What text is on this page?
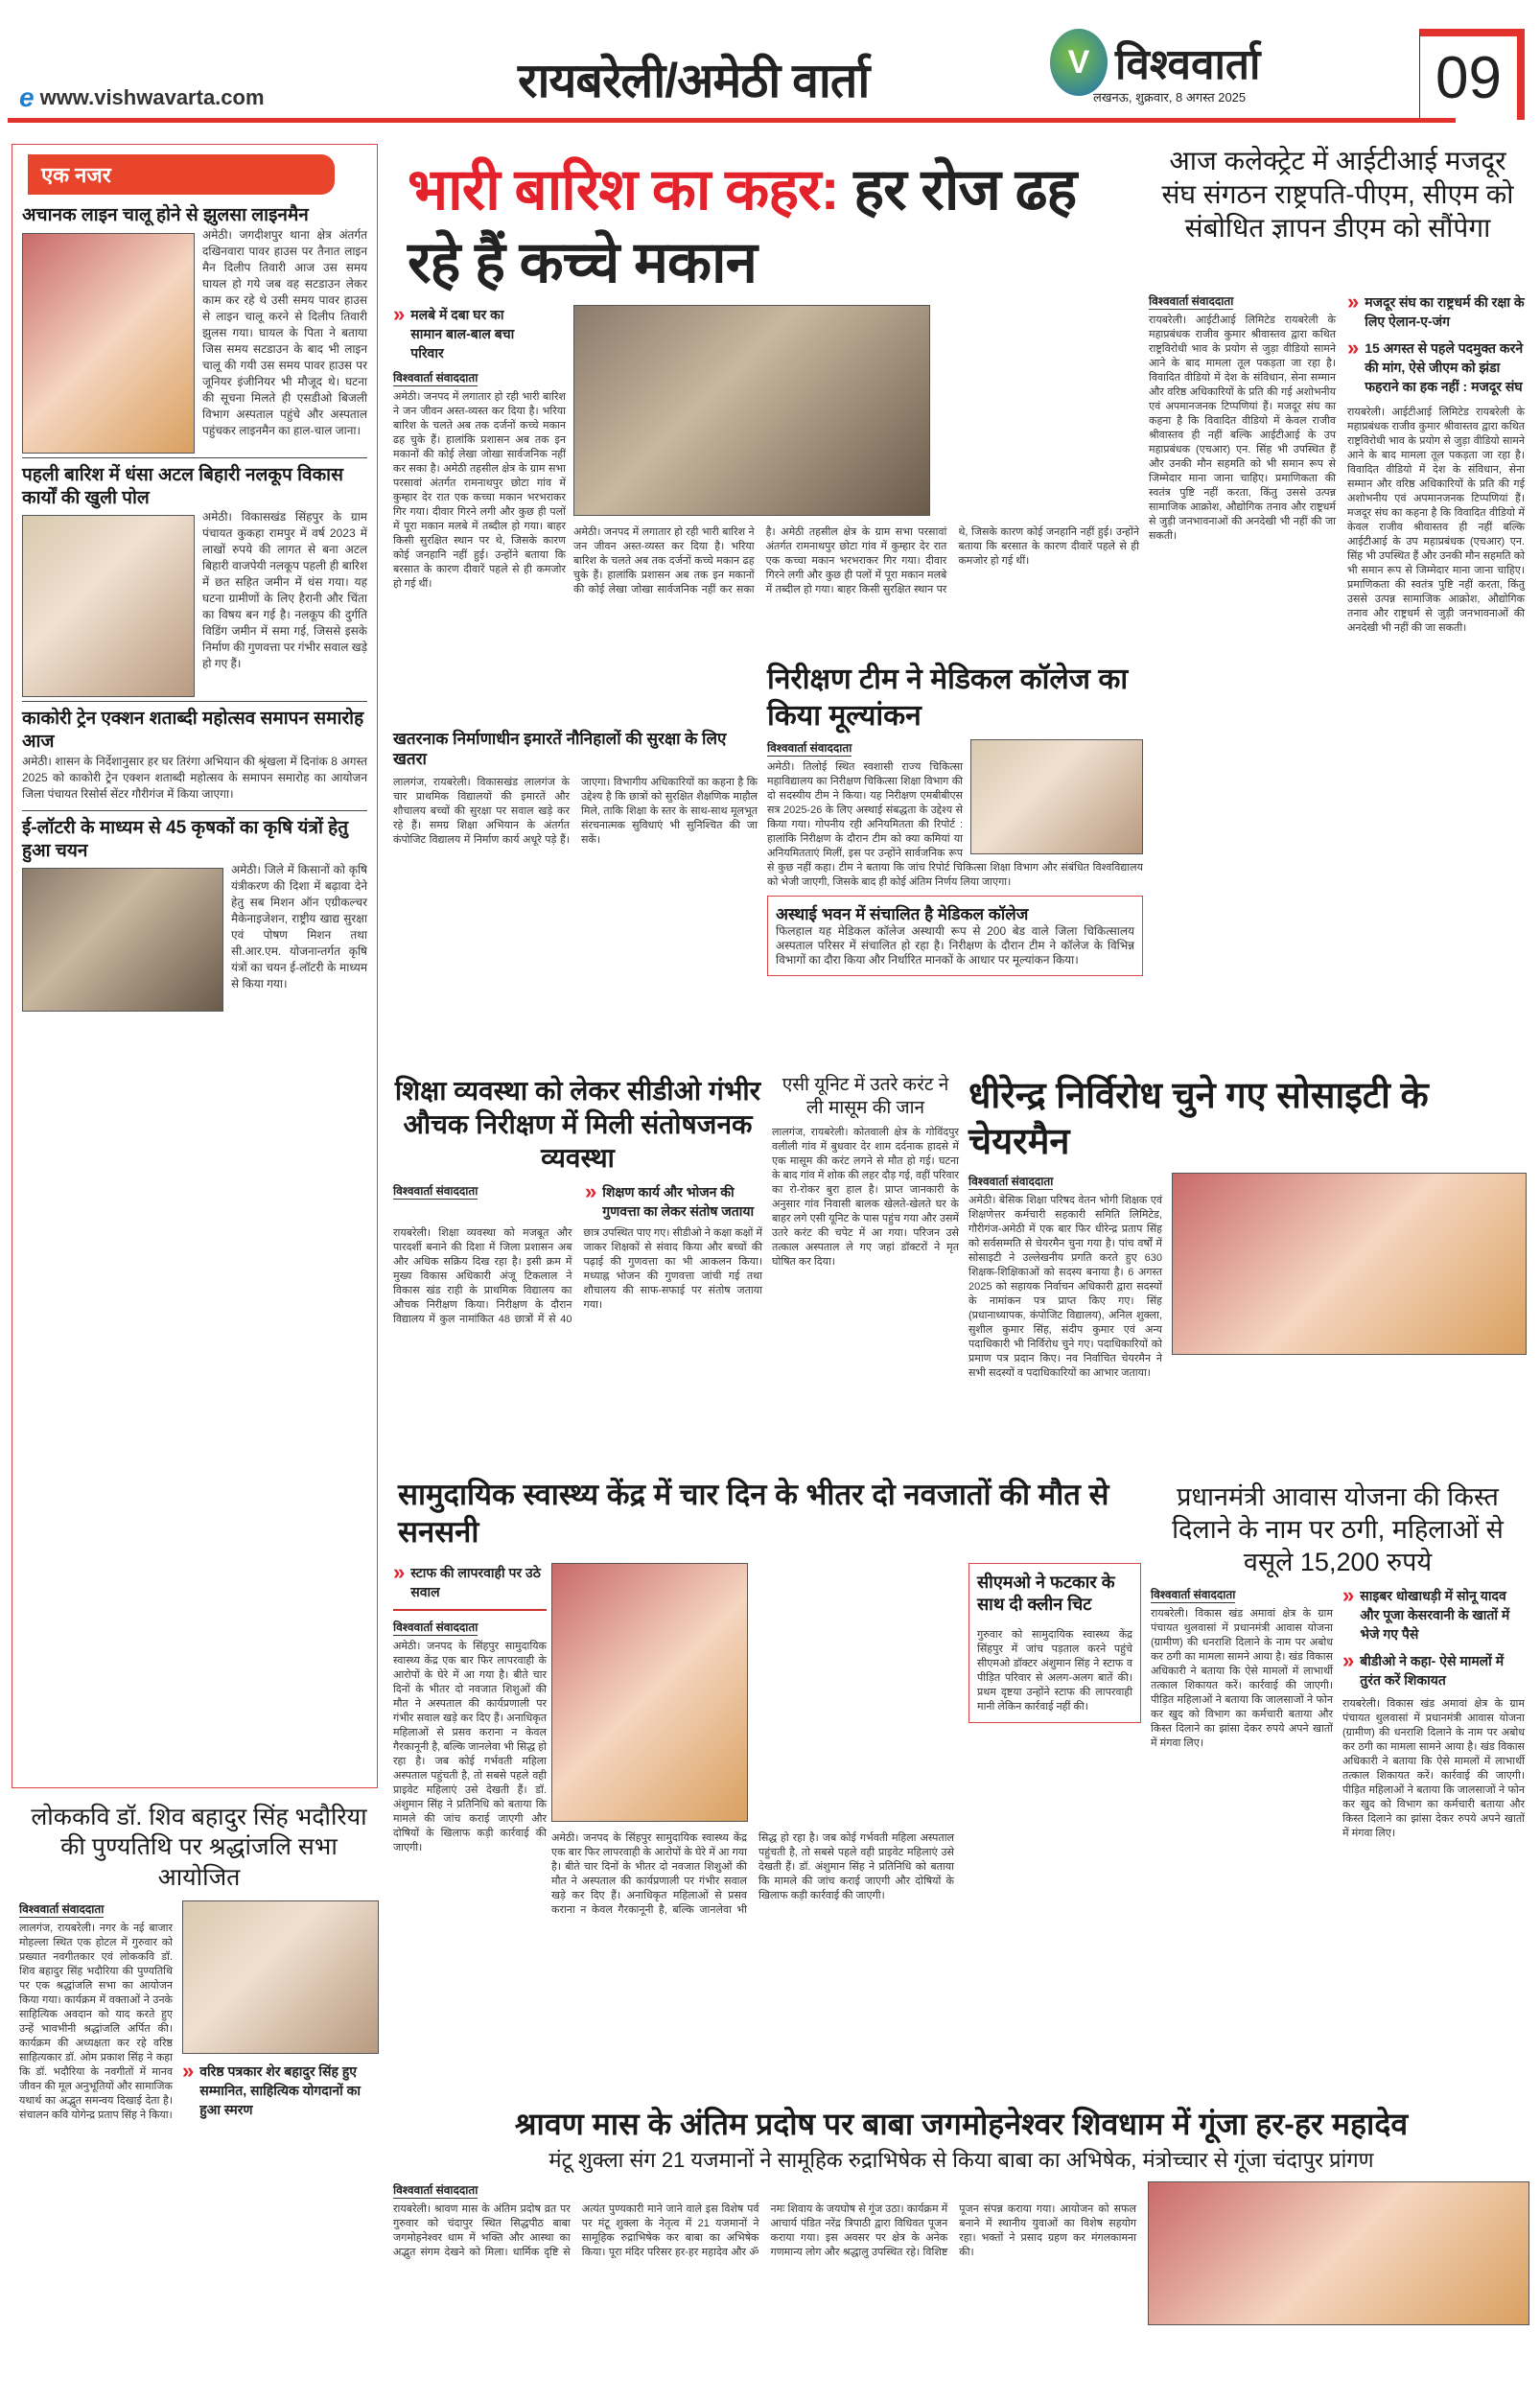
e www.vishwavarta.com	रायबरेली/अमेठी वार्ता	V विश्ववार्ता
लखनऊ, शुक्रवार, 8 अगस्त 2025	09
एक नजर
अचानक लाइन चालू होने से झुलसा लाइनमैन
अमेठी। जगदीशपुर थाना क्षेत्र अंतर्गत दखिनवारा पावर हाउस पर तैनात लाइन मैन दिलीप तिवारी आज उस समय घायल हो गये जब वह सटडाउन लेकर काम कर रहे थे उसी समय पावर हाउस से लाइन चालू करने से दिलीप तिवारी झुलस गया। घायल के पिता ने बताया जिस समय सटडाउन के बाद भी लाइन चालू की गयी उस समय पावर हाउस पर जूनियर इंजीनियर भी मौजूद थे। घटना की सूचना मिलते ही एसडीओ बिजली विभाग अस्पताल पहुंचे और अस्पताल पहुंचकर लाइनमैन का हाल-चाल जाना।
पहली बारिश में धंसा अटल बिहारी नलकूप विकास कार्यों की खुली पोल
अमेठी। विकासखंड सिंहपुर के ग्राम पंचायत कुकहा रामपुर में वर्ष 2023 में लाखों रुपये की लागत से बना अटल बिहारी वाजपेयी नलकूप पहली ही बारिश में छत सहित जमीन में धंस गया। यह घटना ग्रामीणों के लिए हैरानी और चिंता का विषय बन गई है। नलकूप की दुर्गति विडिंग जमीन में समा गई, जिससे इसके निर्माण की गुणवत्ता पर गंभीर सवाल खड़े हो गए हैं।
काकोरी ट्रेन एक्शन शताब्दी महोत्सव समापन समारोह आज
अमेठी। शासन के निर्देशानुसार हर घर तिरंगा अभियान की श्रृंखला में दिनांक 8 अगस्त 2025 को काकोरी ट्रेन एक्शन शताब्दी महोत्सव के समापन समारोह का आयोजन जिला पंचायत रिसोर्स सेंटर गौरीगंज में किया जाएगा।
ई-लॉटरी के माध्यम से 45 कृषकों का कृषि यंत्रों हेतु हुआ चयन
अमेठी। जिले में किसानों को कृषि यंत्रीकरण की दिशा में बढ़ावा देने हेतु सब मिशन ऑन एग्रीकल्चर मैकेनाइजेशन, राष्ट्रीय खाद्य सुरक्षा एवं पोषण मिशन तथा सी.आर.एम. योजनान्तर्गत कृषि यंत्रों का चयन ई-लॉटरी के माध्यम से किया गया।
भारी बारिश का कहर: हर रोज ढह रहे हैं कच्चे मकान
» मलबे में दबा घर का सामान बाल-बाल बचा परिवार
विश्ववार्ता संवाददाता
अमेठी। जनपद में लगातार हो रही भारी बारिश ने जन जीवन अस्त-व्यस्त कर दिया है। भरिया बारिश के चलते अब तक दर्जनों कच्चे मकान ढह चुके हैं। हालांकि प्रशासन अब तक इन मकानों की कोई लेखा जोखा सार्वजनिक नहीं कर सका है। अमेठी तहसील क्षेत्र के ग्राम सभा परसावां अंतर्गत रामनाथपुर छोटा गांव में कुम्हार देर रात एक कच्चा मकान भरभराकर गिर गया। दीवार गिरने लगी और कुछ ही पलों में पूरा मकान मलबे में तब्दील हो गया। बाहर किसी सुरक्षित स्थान पर थे, जिसके कारण कोई जनहानि नहीं हुई। उन्होंने बताया कि बरसात के कारण दीवारें पहले से ही कमजोर हो गई थीं।
अमेठी। जनपद में लगातार हो रही भारी बारिश ने जन जीवन अस्त-व्यस्त कर दिया है। भरिया बारिश के चलते अब तक दर्जनों कच्चे मकान ढह चुके हैं। हालांकि प्रशासन अब तक इन मकानों की कोई लेखा जोखा सार्वजनिक नहीं कर सका है। अमेठी तहसील क्षेत्र के ग्राम सभा परसावां अंतर्गत रामनाथपुर छोटा गांव में कुम्हार देर रात एक कच्चा मकान भरभराकर गिर गया। दीवार गिरने लगी और कुछ ही पलों में पूरा मकान मलबे में तब्दील हो गया। बाहर किसी सुरक्षित स्थान पर थे, जिसके कारण कोई जनहानि नहीं हुई। उन्होंने बताया कि बरसात के कारण दीवारें पहले से ही कमजोर हो गई थीं।
खतरनाक निर्माणाधीन इमारतें नौनिहालों की सुरक्षा के लिए खतरा
लालगंज, रायबरेली। विकासखंड लालगंज के चार प्राथमिक विद्यालयों की इमारतें और शौचालय बच्चों की सुरक्षा पर सवाल खड़े कर रहे हैं। समग्र शिक्षा अभियान के अंतर्गत कंपोजिट विद्यालय में निर्माण कार्य अधूरे पड़े हैं। जाएगा। विभागीय अधिकारियों का कहना है कि उद्देश्य है कि छात्रों को सुरक्षित शैक्षणिक माहौल मिले, ताकि शिक्षा के स्तर के साथ-साथ मूलभूत संरचनात्मक सुविधाएं भी सुनिश्चित की जा सकें।
आज कलेक्ट्रेट में आईटीआई मजदूर संघ संगठन राष्ट्रपति-पीएम, सीएम को संबोधित ज्ञापन डीएम को सौंपेगा
विश्ववार्ता संवाददाता
रायबरेली। आईटीआई लिमिटेड रायबरेली के महाप्रबंधक राजीव कुमार श्रीवास्तव द्वारा कथित राष्ट्रविरोधी भाव के प्रयोग से जुड़ा वीडियो सामने आने के बाद मामला तूल पकड़ता जा रहा है। विवादित वीडियो में देश के संविधान, सेना सम्मान और वरिष्ठ अधिकारियों के प्रति की गई अशोभनीय एवं अपमानजनक टिप्पणियां हैं। मजदूर संघ का कहना है कि विवादित वीडियो में केवल राजीव श्रीवास्तव ही नहीं बल्कि आईटीआई के उप महाप्रबंधक (एचआर) एन. सिंह भी उपस्थित हैं और उनकी मौन सहमति को भी समान रूप से जिम्मेदार माना जाना चाहिए। प्रमाणिकता की स्वतंत्र पुष्टि नहीं करता, किंतु उससे उत्पन्न सामाजिक आक्रोश, औद्योगिक तनाव और राष्ट्रधर्म से जुड़ी जनभावनाओं की अनदेखी भी नहीं की जा सकती।
» मजदूर संघ का राष्ट्रधर्म की रक्षा के लिए ऐलान-ए-जंग
» 15 अगस्त से पहले पदमुक्त करने की मांग, ऐसे जीएम को झंडा फहराने का हक नहीं : मजदूर संघ
रायबरेली। आईटीआई लिमिटेड रायबरेली के महाप्रबंधक राजीव कुमार श्रीवास्तव द्वारा कथित राष्ट्रविरोधी भाव के प्रयोग से जुड़ा वीडियो सामने आने के बाद मामला तूल पकड़ता जा रहा है। विवादित वीडियो में देश के संविधान, सेना सम्मान और वरिष्ठ अधिकारियों के प्रति की गई अशोभनीय एवं अपमानजनक टिप्पणियां हैं। मजदूर संघ का कहना है कि विवादित वीडियो में केवल राजीव श्रीवास्तव ही नहीं बल्कि आईटीआई के उप महाप्रबंधक (एचआर) एन. सिंह भी उपस्थित हैं और उनकी मौन सहमति को भी समान रूप से जिम्मेदार माना जाना चाहिए। प्रमाणिकता की स्वतंत्र पुष्टि नहीं करता, किंतु उससे उत्पन्न सामाजिक आक्रोश, औद्योगिक तनाव और राष्ट्रधर्म से जुड़ी जनभावनाओं की अनदेखी भी नहीं की जा सकती।
निरीक्षण टीम ने मेडिकल कॉलेज का किया मूल्यांकन
विश्ववार्ता संवाददाता
अमेठी। तिलोई स्थित स्वशासी राज्य चिकित्सा महाविद्यालय का निरीक्षण चिकित्सा शिक्षा विभाग की दो सदस्यीय टीम ने किया। यह निरीक्षण एमबीबीएस सत्र 2025-26 के लिए अस्थाई संबद्धता के उद्देश्य से किया गया। गोपनीय रही अनियमितता की रिपोर्ट : हालांकि निरीक्षण के दौरान टीम को क्या कमियां या अनियमितताएं मिलीं, इस पर उन्होंने सार्वजनिक रूप से कुछ नहीं कहा। टीम ने बताया कि जांच रिपोर्ट चिकित्सा शिक्षा विभाग और संबंधित विश्वविद्यालय को भेजी जाएगी, जिसके बाद ही कोई अंतिम निर्णय लिया जाएगा।
अस्थाई भवन में संचालित है मेडिकल कॉलेज
फिलहाल यह मेडिकल कॉलेज अस्थायी रूप से 200 बेड वाले जिला चिकित्सालय अस्पताल परिसर में संचालित हो रहा है। निरीक्षण के दौरान टीम ने कॉलेज के विभिन्न विभागों का दौरा किया और निर्धारित मानकों के आधार पर मूल्यांकन किया।
शिक्षा व्यवस्था को लेकर सीडीओ गंभीर औचक निरीक्षण में मिली संतोषजनक व्यवस्था
विश्ववार्ता संवाददाता	» शिक्षण कार्य और भोजन की गुणवत्ता का लेकर संतोष जताया
रायबरेली। शिक्षा व्यवस्था को मजबूत और पारदर्शी बनाने की दिशा में जिला प्रशासन अब और अधिक सक्रिय दिख रहा है। इसी क्रम में मुख्य विकास अधिकारी अंजू टिकलाल ने विकास खंड राही के प्राथमिक विद्यालय का औचक निरीक्षण किया। निरीक्षण के दौरान विद्यालय में कुल नामांकित 48 छात्रों में से 40 छात्र उपस्थित पाए गए। सीडीओ ने कक्षा कक्षों में जाकर शिक्षकों से संवाद किया और बच्चों की पढ़ाई की गुणवत्ता का भी आकलन किया। मध्याह्न भोजन की गुणवत्ता जांची गई तथा शौचालय की साफ-सफाई पर संतोष जताया गया।
एसी यूनिट में उतरे करंट ने ली मासूम की जान
लालगंज, रायबरेली। कोतवाली क्षेत्र के गोविंदपुर वलीली गांव में बुधवार देर शाम दर्दनाक हादसे में एक मासूम की करंट लगने से मौत हो गई। घटना के बाद गांव में शोक की लहर दौड़ गई, वहीं परिवार का रो-रोकर बुरा हाल है। प्राप्त जानकारी के अनुसार गांव निवासी बालक खेलते-खेलते घर के बाहर लगे एसी यूनिट के पास पहुंच गया और उसमें उतरे करंट की चपेट में आ गया। परिजन उसे तत्काल अस्पताल ले गए जहां डॉक्टरों ने मृत घोषित कर दिया।
धीरेन्द्र निर्विरोध चुने गए सोसाइटी के चेयरमैन
विश्ववार्ता संवाददाता
अमेठी। बेसिक शिक्षा परिषद वेतन भोगी शिक्षक एवं शिक्षणेत्तर कर्मचारी सहकारी समिति लिमिटेड, गौरीगंज-अमेठी में एक बार फिर धीरेन्द्र प्रताप सिंह को सर्वसम्मति से चेयरमैन चुना गया है। पांच वर्षों में सोसाइटी ने उल्लेखनीय प्रगति करते हुए 630 शिक्षक-शिक्षिकाओं को सदस्य बनाया है। 6 अगस्त 2025 को सहायक निर्वाचन अधिकारी द्वारा सदस्यों के नामांकन पत्र प्राप्त किए गए। सिंह (प्रधानाध्यापक, कंपोजिट विद्यालय), अनिल शुक्ला, सुशील कुमार सिंह, संदीप कुमार एवं अन्य पदाधिकारी भी निर्विरोध चुने गए। पदाधिकारियों को प्रमाण पत्र प्रदान किए। नव निर्वाचित चेयरमैन ने सभी सदस्यों व पदाधिकारियों का आभार जताया।
सामुदायिक स्वास्थ्य केंद्र में चार दिन के भीतर दो नवजातों की मौत से सनसनी
» स्टाफ की लापरवाही पर उठे सवाल
विश्ववार्ता संवाददाता
अमेठी। जनपद के सिंहपुर सामुदायिक स्वास्थ्य केंद्र एक बार फिर लापरवाही के आरोपों के घेरे में आ गया है। बीते चार दिनों के भीतर दो नवजात शिशुओं की मौत ने अस्पताल की कार्यप्रणाली पर गंभीर सवाल खड़े कर दिए हैं। अनाधिकृत महिलाओं से प्रसव कराना न केवल गैरकानूनी है, बल्कि जानलेवा भी सिद्ध हो रहा है। जब कोई गर्भवती महिला अस्पताल पहुंचती है, तो सबसे पहले वही प्राइवेट महिलाएं उसे देखती हैं। डॉ. अंशुमान सिंह ने प्रतिनिधि को बताया कि मामले की जांच कराई जाएगी और दोषियों के खिलाफ कड़ी कार्रवाई की जाएगी।
अमेठी। जनपद के सिंहपुर सामुदायिक स्वास्थ्य केंद्र एक बार फिर लापरवाही के आरोपों के घेरे में आ गया है। बीते चार दिनों के भीतर दो नवजात शिशुओं की मौत ने अस्पताल की कार्यप्रणाली पर गंभीर सवाल खड़े कर दिए हैं। अनाधिकृत महिलाओं से प्रसव कराना न केवल गैरकानूनी है, बल्कि जानलेवा भी सिद्ध हो रहा है। जब कोई गर्भवती महिला अस्पताल पहुंचती है, तो सबसे पहले वही प्राइवेट महिलाएं उसे देखती हैं। डॉ. अंशुमान सिंह ने प्रतिनिधि को बताया कि मामले की जांच कराई जाएगी और दोषियों के खिलाफ कड़ी कार्रवाई की जाएगी।
सीएमओ ने फटकार के साथ दी क्लीन चिट
गुरुवार को सामुदायिक स्वास्थ्य केंद्र सिंहपुर में जांच पड़ताल करने पहुंचे सीएमओ डॉक्टर अंशुमान सिंह ने स्टाफ व पीड़ित परिवार से अलग-अलग बातें की। प्रथम दृष्टया उन्होंने स्टाफ की लापरवाही मानी लेकिन कार्रवाई नहीं की।
प्रधानमंत्री आवास योजना की किस्त दिलाने के नाम पर ठगी, महिलाओं से वसूले 15,200 रुपये
विश्ववार्ता संवाददाता
रायबरेली। विकास खंड अमावां क्षेत्र के ग्राम पंचायत थुलवासां में प्रधानमंत्री आवास योजना (ग्रामीण) की धनराशि दिलाने के नाम पर अबोध कर ठगी का मामला सामने आया है। खंड विकास अधिकारी ने बताया कि ऐसे मामलों में लाभार्थी तत्काल शिकायत करें। कार्रवाई की जाएगी। पीड़ित महिलाओं ने बताया कि जालसाजों ने फोन कर खुद को विभाग का कर्मचारी बताया और किस्त दिलाने का झांसा देकर रुपये अपने खातों में मंगवा लिए।
» साइबर धोखाधड़ी में सोनू यादव और पूजा केसरवानी के खातों में भेजे गए पैसे
» बीडीओ ने कहा- ऐसे मामलों में तुरंत करें शिकायत
रायबरेली। विकास खंड अमावां क्षेत्र के ग्राम पंचायत थुलवासां में प्रधानमंत्री आवास योजना (ग्रामीण) की धनराशि दिलाने के नाम पर अबोध कर ठगी का मामला सामने आया है। खंड विकास अधिकारी ने बताया कि ऐसे मामलों में लाभार्थी तत्काल शिकायत करें। कार्रवाई की जाएगी। पीड़ित महिलाओं ने बताया कि जालसाजों ने फोन कर खुद को विभाग का कर्मचारी बताया और किस्त दिलाने का झांसा देकर रुपये अपने खातों में मंगवा लिए।
लोककवि डॉ. शिव बहादुर सिंह भदौरिया की पुण्यतिथि पर श्रद्धांजलि सभा आयोजित
विश्ववार्ता संवाददाता
लालगंज, रायबरेली। नगर के नई बाजार मोहल्ला स्थित एक होटल में गुरुवार को प्रख्यात नवगीतकार एवं लोककवि डॉ. शिव बहादुर सिंह भदौरिया की पुण्यतिथि पर एक श्रद्धांजलि सभा का आयोजन किया गया। कार्यक्रम में वक्ताओं ने उनके साहित्यिक अवदान को याद करते हुए उन्हें भावभीनी श्रद्धांजलि अर्पित की। कार्यक्रम की अध्यक्षता कर रहे वरिष्ठ साहित्यकार डॉ. ओम प्रकाश सिंह ने कहा कि डॉ. भदौरिया के नवगीतों में मानव जीवन की मूल अनुभूतियों और सामाजिक यथार्थ का अद्भुत समन्वय दिखाई देता है। संचालन कवि योगेन्द्र प्रताप सिंह ने किया।
» वरिष्ठ पत्रकार शेर बहादुर सिंह हुए सम्मानित, साहित्यिक योगदानों का हुआ स्मरण	श्रावण मास के अंतिम प्रदोष पर बाबा जगमोहनेश्वर शिवधाम में गूंजा हर-हर महादेव
मंटू शुक्ला संग 21 यजमानों ने सामूहिक रुद्राभिषेक से किया बाबा का अभिषेक, मंत्रोच्चार से गूंजा चंदापुर प्रांगण
विश्ववार्ता संवाददाता
रायबरेली। श्रावण मास के अंतिम प्रदोष व्रत पर गुरुवार को चंदापुर स्थित सिद्धपीठ बाबा जगमोहनेश्वर धाम में भक्ति और आस्था का अद्भुत संगम देखने को मिला। धार्मिक दृष्टि से अत्यंत पुण्यकारी माने जाने वाले इस विशेष पर्व पर मंटू शुक्ला के नेतृत्व में 21 यजमानों ने सामूहिक रुद्राभिषेक कर बाबा का अभिषेक किया। पूरा मंदिर परिसर हर-हर महादेव और ॐ नमः शिवाय के जयघोष से गूंज उठा। कार्यक्रम में आचार्य पंडित नरेंद्र त्रिपाठी द्वारा विधिवत पूजन कराया गया। इस अवसर पर क्षेत्र के अनेक गणमान्य लोग और श्रद्धालु उपस्थित रहे। विशिष्ट पूजन संपन्न कराया गया। आयोजन को सफल बनाने में स्थानीय युवाओं का विशेष सहयोग रहा। भक्तों ने प्रसाद ग्रहण कर मंगलकामना की।
